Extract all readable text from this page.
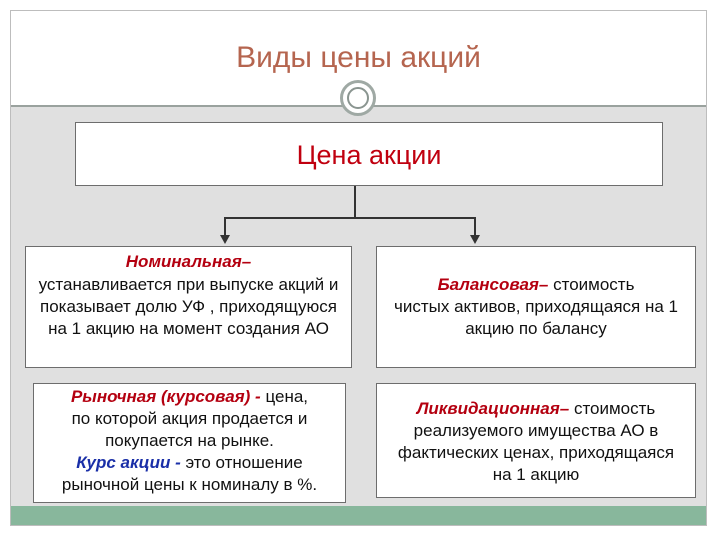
Виды цены акций
Цена акции
Номинальная–
устанавливается при выпуске акций и показывает долю УФ , приходящуюся на 1 акцию на момент создания АО
Балансовая– стоимость
чистых активов, приходящаяся на 1 акцию по балансу
Рыночная (курсовая) - цена,
по которой акция продается и покупается на рынке.
Курс акции - это отношение рыночной цены к номиналу в %.
Ликвидационная– стоимость
реализуемого имущества АО в фактических ценах, приходящаяся на 1 акцию
